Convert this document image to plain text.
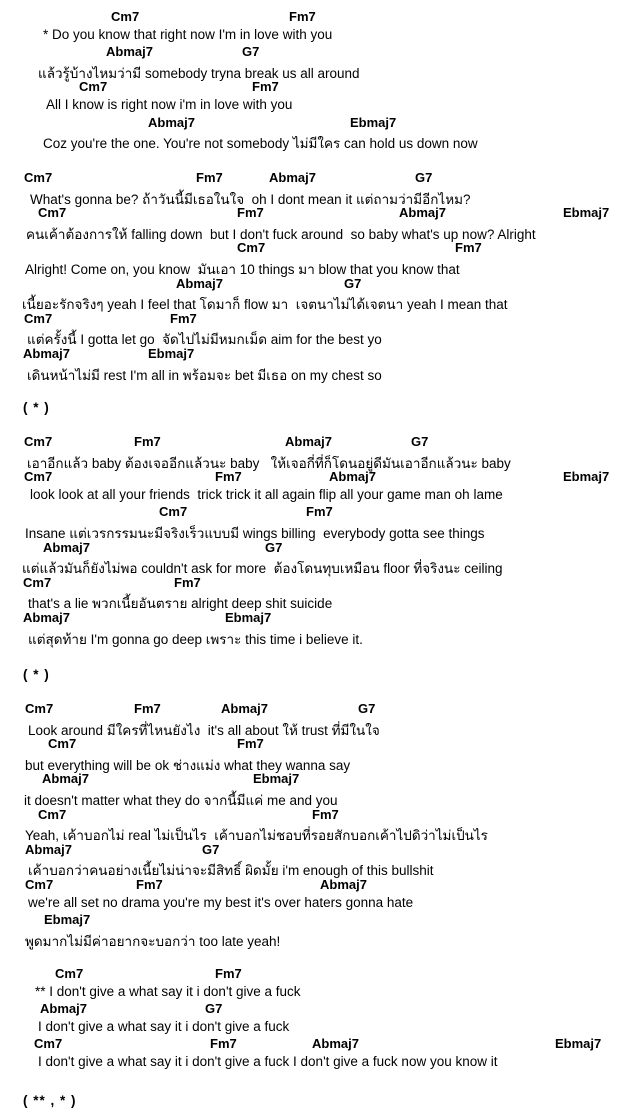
Cm7	Fm7
* Do you know that right now I'm in love with you
Abmaj7	G7
แล้วรู้บ้างไหมว่ามี somebody tryna break us all around
Cm7	Fm7
All I know is right now i'm in love with you
Abmaj7	Ebmaj7
Coz you're the one. You're not somebody ไม่มีใคร can hold us down now
Cm7	Fm7	Abmaj7	G7
What's gonna be? ถ้าวันนี้มีเธอในใจ  oh I dont mean it แต่ถามว่ามีอีกไหม?
Cm7	Fm7	Abmaj7	Ebmaj7
คนเค้าต้องการให้ falling down  but I don't fuck around  so baby what's up now? Alright
Cm7	Fm7
Alright! Come on, you know  มันเอา 10 things มา blow that you know that
Abmaj7	G7
เนี้ยอะรักจริงๆ yeah I feel that โดมาก็ flow มา  เจตนาไม่ได้เจตนา yeah I mean that
Cm7	Fm7
แต่ครั้งนี้ I gotta let go  จัดไปไม่มีหมกเม็ด aim for the best yo
Abmaj7	Ebmaj7
เดินหน้าไม่มี rest I'm all in พร้อมจะ bet มีเธอ on my chest so
( * )
Cm7	Fm7	Abmaj7	G7
เอาอีกแล้ว baby ต้องเจออีกแล้วนะ baby   ให้เจอกี่ที่ก็โดนอยู่ดีมันเอาอีกแล้วนะ baby
Cm7	Fm7	Abmaj7	Ebmaj7
look look at all your friends  trick trick it all again flip all your game man oh lame
Cm7	Fm7
Insane แต่เวรกรรมนะมีจริงเร็วแบบมี wings billing  everybody gotta see things
Abmaj7	G7
แต่แล้วมันก็ยังไม่พอ couldn't ask for more  ต้องโดนทุบเหมือน floor ที่จริงนะ ceiling
Cm7	Fm7
that's a lie พวกเนี้ยอันตราย alright deep shit suicide
Abmaj7	Ebmaj7
แต่สุดท้าย I'm gonna go deep เพราะ this time i believe it.
( * )
Cm7	Fm7	Abmaj7	G7
Look around มีใครที่ไหนยังไง  it's all about ให้ trust ที่มีในใจ
Cm7	Fm7
but everything will be ok ช่างแม่ง what they wanna say
Abmaj7	Ebmaj7
it doesn't matter what they do จากนี้มีแค่ me and you
Cm7	Fm7
Yeah, เค้าบอกไม่ real ไม่เป็นไร  เค้าบอกไม่ชอบที่รอยสักบอกเค้าไปดิว่าไม่เป็นไร
Abmaj7	G7
เค้าบอกว่าคนอย่างเนี้ยไม่น่าจะมีสิทธิ์ ผิดมั้ย i'm enough of this bullshit
Cm7	Fm7	Abmaj7
we're all set no drama you're my best it's over haters gonna hate
Ebmaj7
พูดมากไม่มีค่าอยากจะบอกว่า too late yeah!
Cm7	Fm7
** I don't give a what say it i don't give a fuck
Abmaj7	G7
I don't give a what say it i don't give a fuck
Cm7	Fm7	Abmaj7	Ebmaj7
I don't give a what say it i don't give a fuck I don't give a fuck now you know it
( ** , * )
